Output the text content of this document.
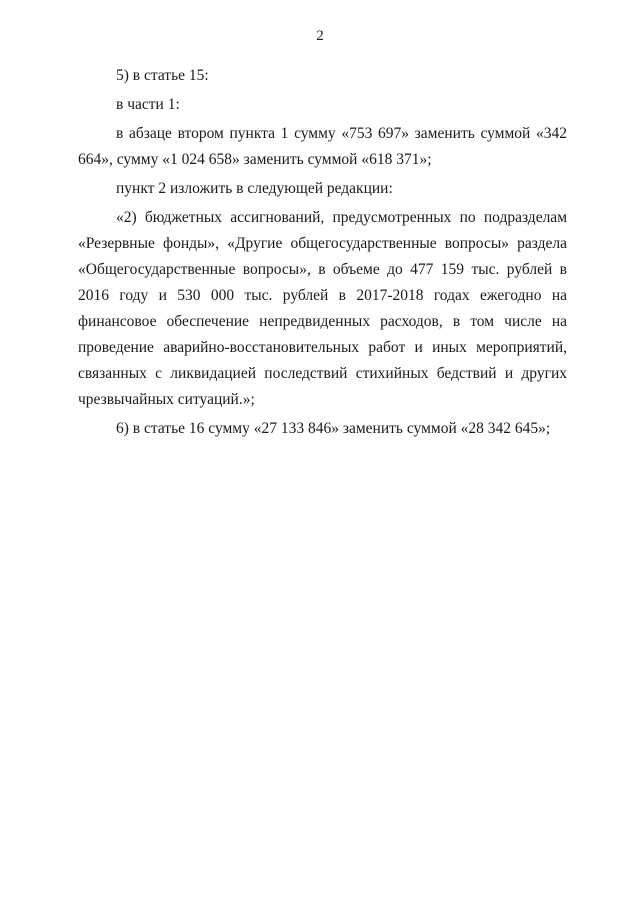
2

5) в статье 15:

в части 1:

в абзаце втором пункта 1 сумму «753 697» заменить суммой «342 664», сумму «1 024 658» заменить суммой «618 371»;

пункт 2 изложить в следующей редакции:

«2) бюджетных ассигнований, предусмотренных по подразделам «Резервные фонды», «Другие общегосударственные вопросы» раздела «Общегосударственные вопросы», в объеме до 477 159 тыс. рублей в 2016 году и 530 000 тыс. рублей в 2017-2018 годах ежегодно на финансовое обеспечение непредвиденных расходов, в том числе на проведение аварийно-восстановительных работ и иных мероприятий, связанных с ликвидацией последствий стихийных бедствий и других чрезвычайных ситуаций.»;

6) в статье 16 сумму «27 133 846» заменить суммой «28 342 645»;
